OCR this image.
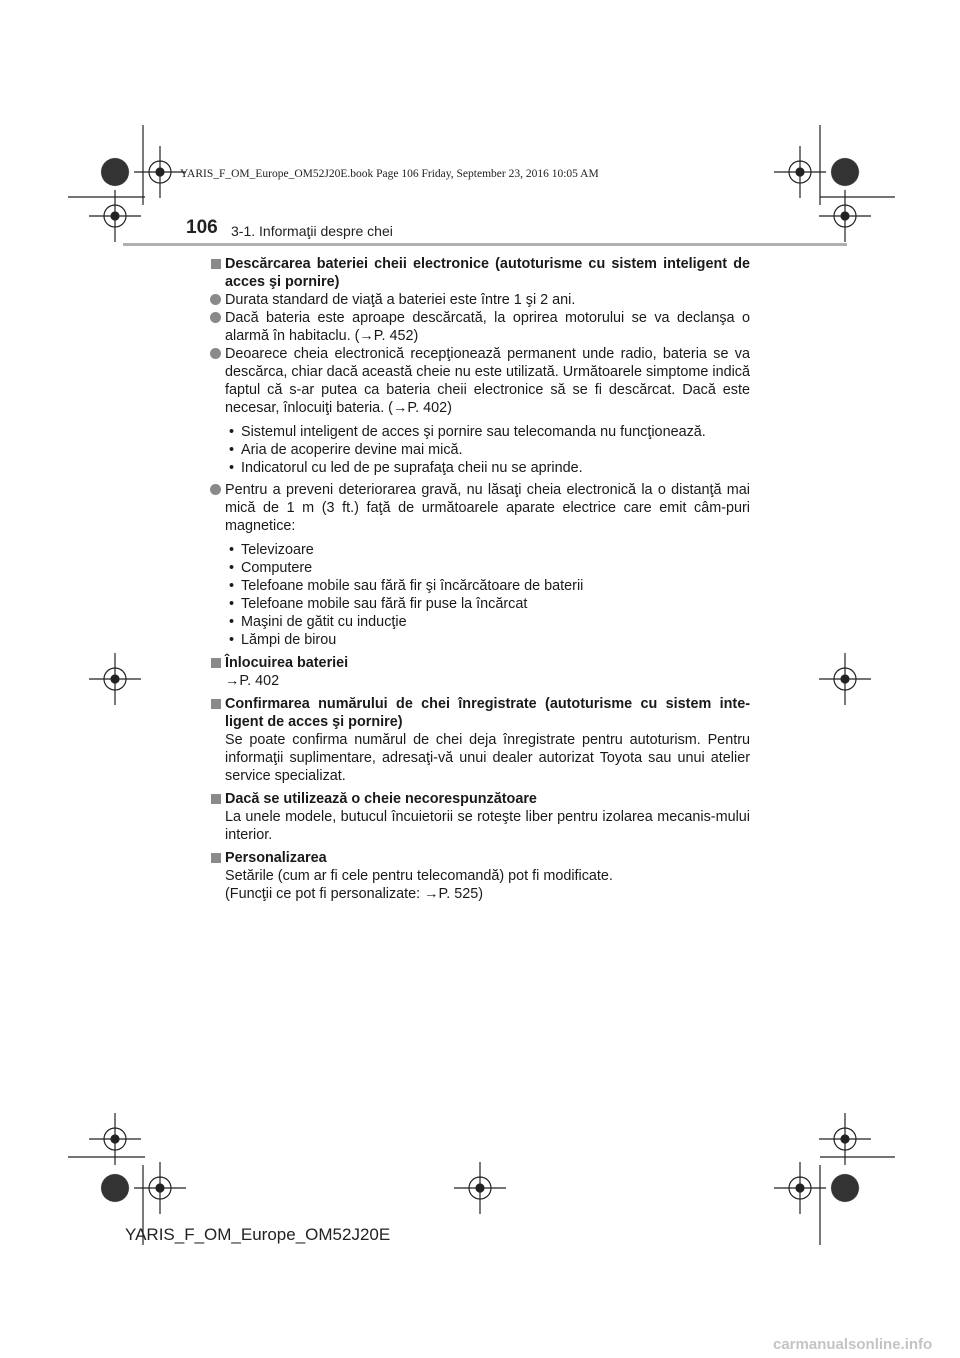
YARIS_F_OM_Europe_OM52J20E.book Page 106 Friday, September 23, 2016 10:05 AM
106 3-1. Informaţii despre chei

Descărcarea bateriei cheii electronice (autoturisme cu sistem inteligent de acces şi pornire)

Durata standard de viaţă a bateriei este între 1 şi 2 ani.

Dacă bateria este aproape descărcată, la oprirea motorului se va declanşa o alarmă în habitaclu. (→P. 452)

Deoarece cheia electronică recepţionează permanent unde radio, bateria se va descărca, chiar dacă această cheie nu este utilizată. Următoarele simptome indică faptul că s-ar putea ca bateria cheii electronice să se fi descărcat. Dacă este necesar, înlocuiţi bateria. (→P. 402)

• Sistemul inteligent de acces şi pornire sau telecomanda nu funcţionează.
• Aria de acoperire devine mai mică.
• Indicatorul cu led de pe suprafaţa cheii nu se aprinde.

Pentru a preveni deteriorarea gravă, nu lăsaţi cheia electronică la o distanţă mai mică de 1 m (3 ft.) faţă de următoarele aparate electrice care emit câm-puri magnetice:

• Televizoare
• Computere
• Telefoane mobile sau fără fir şi încărcătoare de baterii
• Telefoane mobile sau fără fir puse la încărcat
• Maşini de gătit cu inducţie
• Lămpi de birou

Înlocuirea bateriei

→P. 402

Confirmarea numărului de chei înregistrate (autoturisme cu sistem inte-ligent de acces şi pornire)

Se poate confirma numărul de chei deja înregistrate pentru autoturism. Pentru informaţii suplimentare, adresaţi-vă unui dealer autorizat Toyota sau unui atelier service specializat.

Dacă se utilizează o cheie necorespunzătoare

La unele modele, butucul încuietorii se roteşte liber pentru izolarea mecanis-mului interior.

Personalizarea

Setările (cum ar fi cele pentru telecomandă) pot fi modificate.
(Funcţii ce pot fi personalizate: →P. 525)

YARIS_F_OM_Europe_OM52J20E
carmanualsonline.info
